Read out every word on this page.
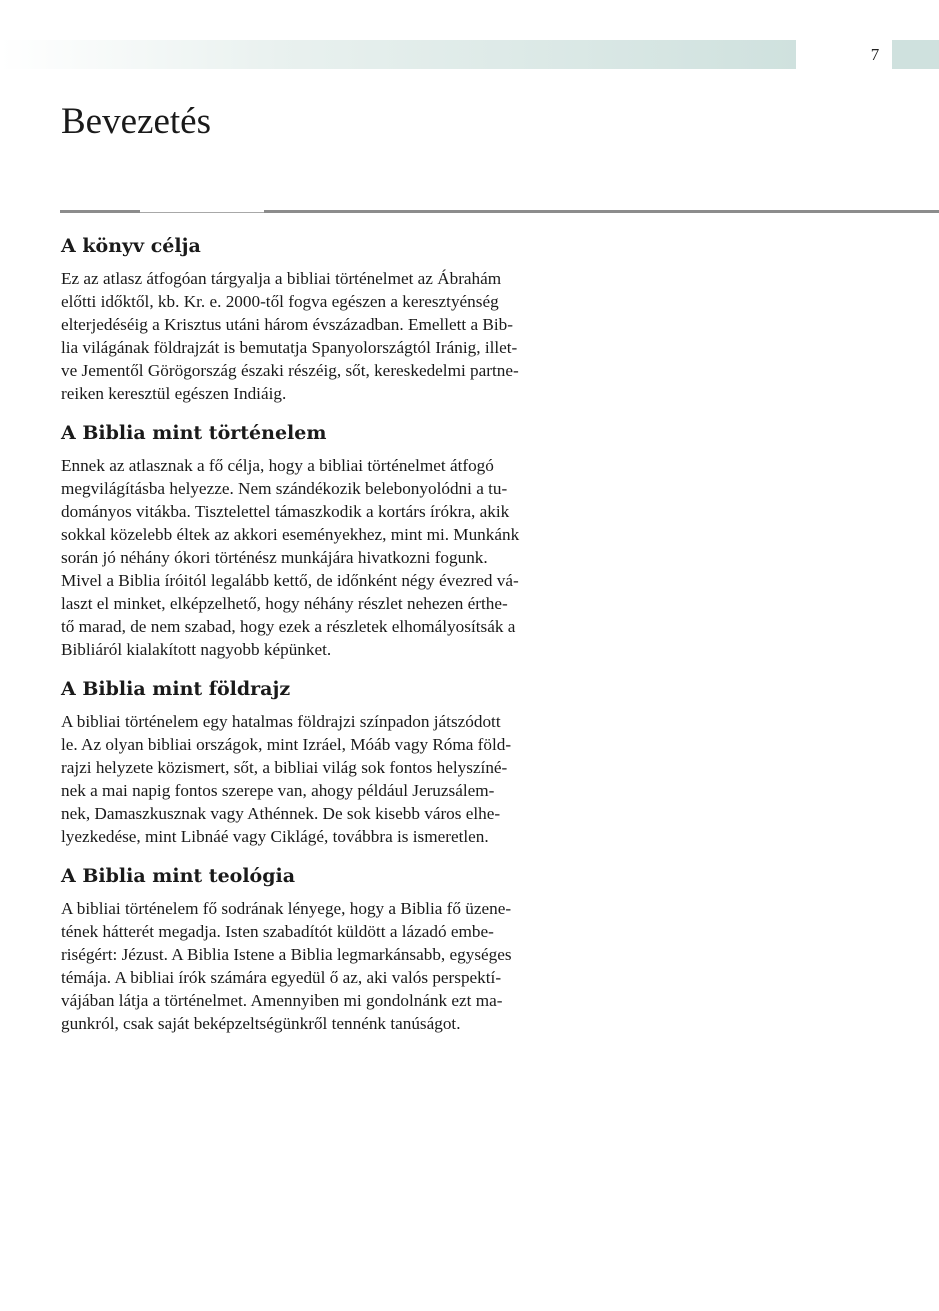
7
Bevezetés
A könyv célja

Ez az atlasz átfogóan tárgyalja a bibliai történelmet az Ábrahám
előtti időktől, kb. Kr. e. 2000-től fogva egészen a keresztyénség
elterjedéséig a Krisztus utáni három évszázadban. Emellett a Bib-
lia világának földrajzát is bemutatja Spanyolországtól Iránig, illet-
ve Jementől Görögország északi részéig, sőt, kereskedelmi partne-
reiken keresztül egészen Indiáig.

A Biblia mint történelem

Ennek az atlasznak a fő célja, hogy a bibliai történelmet átfogó
megvilágításba helyezze. Nem szándékozik belebonyolódni a tu-
dományos vitákba. Tisztelettel támaszkodik a kortárs írókra, akik
sokkal közelebb éltek az akkori eseményekhez, mint mi. Munkánk
során jó néhány ókori történész munkájára hivatkozni fogunk.
Mivel a Biblia íróitól legalább kettő, de időnként négy évezred vá-
laszt el minket, elképzelhető, hogy néhány részlet nehezen érthe-
tő marad, de nem szabad, hogy ezek a részletek elhomályosítsák a
Bibliáról kialakított nagyobb képünket.

A Biblia mint földrajz

A bibliai történelem egy hatalmas földrajzi színpadon játszódott
le. Az olyan bibliai országok, mint Izráel, Móáb vagy Róma föld-
rajzi helyzete közismert, sőt, a bibliai világ sok fontos helyszíné-
nek a mai napig fontos szerepe van, ahogy például Jeruzsálem-
nek, Damaszkusznak vagy Athénnek. De sok kisebb város elhe-
lyezkedése, mint Libnáé vagy Ciklágé, továbbra is ismeretlen.

A Biblia mint teológia

A bibliai történelem fő sodrának lényege, hogy a Biblia fő üzene-
tének hátterét megadja. Isten szabadítót küldött a lázadó embe-
riségért: Jézust. A Biblia Istene a Biblia legmarkánsabb, egységes
témája. A bibliai írók számára egyedül ő az, aki valós perspektí-
vájában látja a történelmet. Amennyiben mi gondolnánk ezt ma-
gunkról, csak saját beképzeltségünkről tennénk tanúságot.
